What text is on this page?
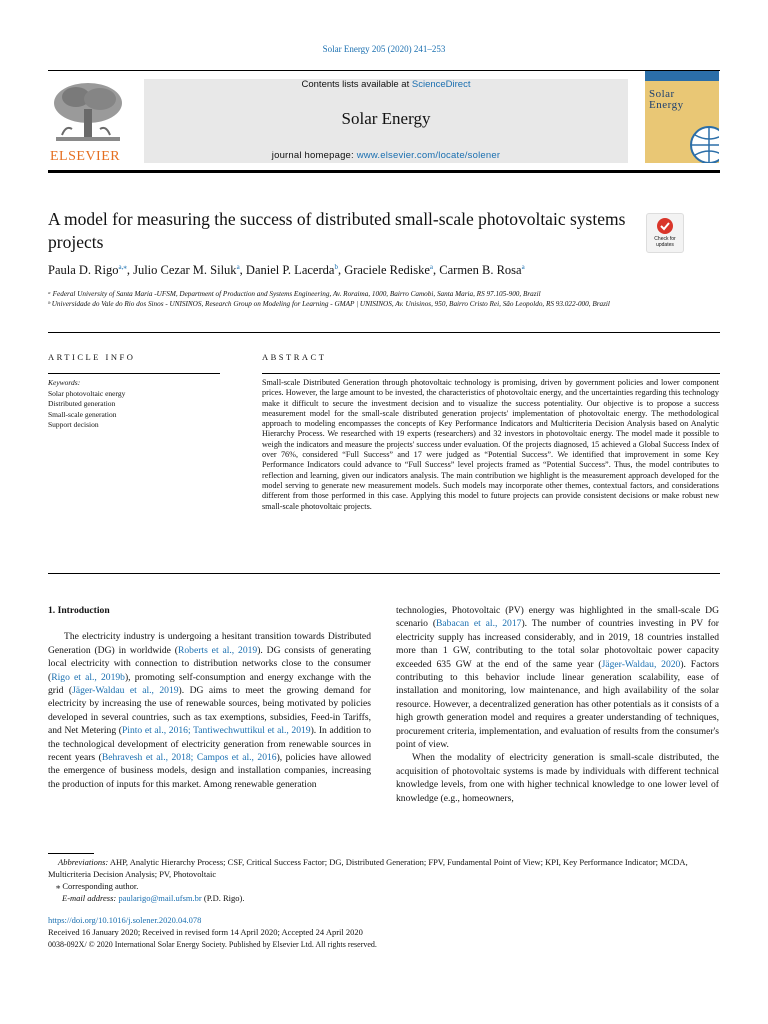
Solar Energy 205 (2020) 241–253
ELSEVIER
Contents lists available at ScienceDirect
Solar Energy
journal homepage: www.elsevier.com/locate/solener
Solar
Energy
A model for measuring the success of distributed small-scale photovoltaic systems projects	Check for updates
Paula D. Rigo$^{a,⁎}$, Julio Cezar M. Siluk$^a$, Daniel P. Lacerda$^b$, Graciele Rediske$^a$, Carmen B. Rosa$^a$
ᵃ Federal University of Santa Maria -UFSM, Department of Production and Systems Engineering, Av. Roraima, 1000, Bairro Camobi, Santa Maria, RS 97.105-900, Brazil
ᵇ Universidade do Vale do Rio dos Sinos - UNISINOS, Research Group on Modeling for Learning - GMAP | UNISINOS, Av. Unisinos, 950, Bairro Cristo Rei, São Leopoldo, RS 93.022-000, Brazil
ARTICLE INFO
Keywords:
Solar photovoltaic energy
Distributed generation
Small-scale generation
Support decision
ABSTRACT
Small-scale Distributed Generation through photovoltaic technology is promising, driven by government policies and lower component prices. However, the large amount to be invested, the characteristics of photovoltaic energy, and the uncertainties regarding this technology make it difficult to secure the investment decision and to visualize the success potentiality. Our objective is to propose a success measurement model for the small-scale distributed generation projects' implementation of photovoltaic energy. The methodological approach to modeling encompasses the concepts of Key Performance Indicators and Multicriteria Decision Analysis based on Analytic Hierarchy Process. We researched with 19 experts (researchers) and 32 investors in photovoltaic energy. The model made it possible to weigh the indicators and measure the projects' success under evaluation. Of the projects diagnosed, 15 achieved a Global Success Index of over 76%, considered “Full Success” and 17 were judged as “Potential Success”. We identified that improvement in some Key Performance Indicators could advance to “Full Success” level projects framed as “Potential Success”. Thus, the model contributes to reflection and learning, given our indicators analysis. The main contribution we highlight is the measurement approach developed for the model serving to generate new measurement models. Such models may incorporate other themes, contextual factors, and considerations different from those performed in this case. Applying this model to future projects can provide consistent decisions or make robust new small-scale photovoltaic projects.

1. Introduction

The electricity industry is undergoing a hesitant transition towards Distributed Generation (DG) in worldwide (Roberts et al., 2019). DG consists of generating local electricity with connection to distribution networks close to the consumer (Rigo et al., 2019b), promoting self-consumption and energy exchange with the grid (Jäger-Waldau et al., 2019). DG aims to meet the growing demand for electricity by increasing the use of renewable sources, being motivated by policies developed in several countries, such as tax exemptions, subsidies, Feed-in Tariffs, and Net Metering (Pinto et al., 2016; Tantiwechwuttikul et al., 2019). In addition to the technological development of electricity generation from renewable sources in recent years (Behravesh et al., 2018; Campos et al., 2016), policies have allowed the emergence of business models, design and installation companies, increasing the production of inputs for this market. Among renewable generation

technologies, Photovoltaic (PV) energy was highlighted in the small-scale DG scenario (Babacan et al., 2017). The number of countries investing in PV for electricity supply has increased considerably, and in 2019, 18 countries installed more than 1 GW, contributing to the total solar photovoltaic power capacity exceeded 635 GW at the end of the same year (Jäger-Waldau, 2020). Factors contributing to this behavior include linear generation scalability, ease of installation and monitoring, low maintenance, and high availability of the solar resource. However, a decentralized generation has other potentials as it consists of a high growth generation model and requires a greater understanding of techniques, procurement criteria, implementation, and evaluation of results from the consumer's point of view.

When the modality of electricity generation is small-scale distributed, the acquisition of photovoltaic systems is made by individuals with different technical knowledge levels, from one with higher technical knowledge to one lower level of knowledge (e.g., homeowners,

Abbreviations: AHP, Analytic Hierarchy Process; CSF, Critical Success Factor; DG, Distributed Generation; FPV, Fundamental Point of View; KPI, Key Performance Indicator; MCDA, Multicriteria Decision Analysis; PV, Photovoltaic
⁎ Corresponding author.
E-mail address: paularigo@mail.ufsm.br (P.D. Rigo).
https://doi.org/10.1016/j.solener.2020.04.078
Received 16 January 2020; Received in revised form 14 April 2020; Accepted 24 April 2020
0038-092X/ © 2020 International Solar Energy Society. Published by Elsevier Ltd. All rights reserved.
